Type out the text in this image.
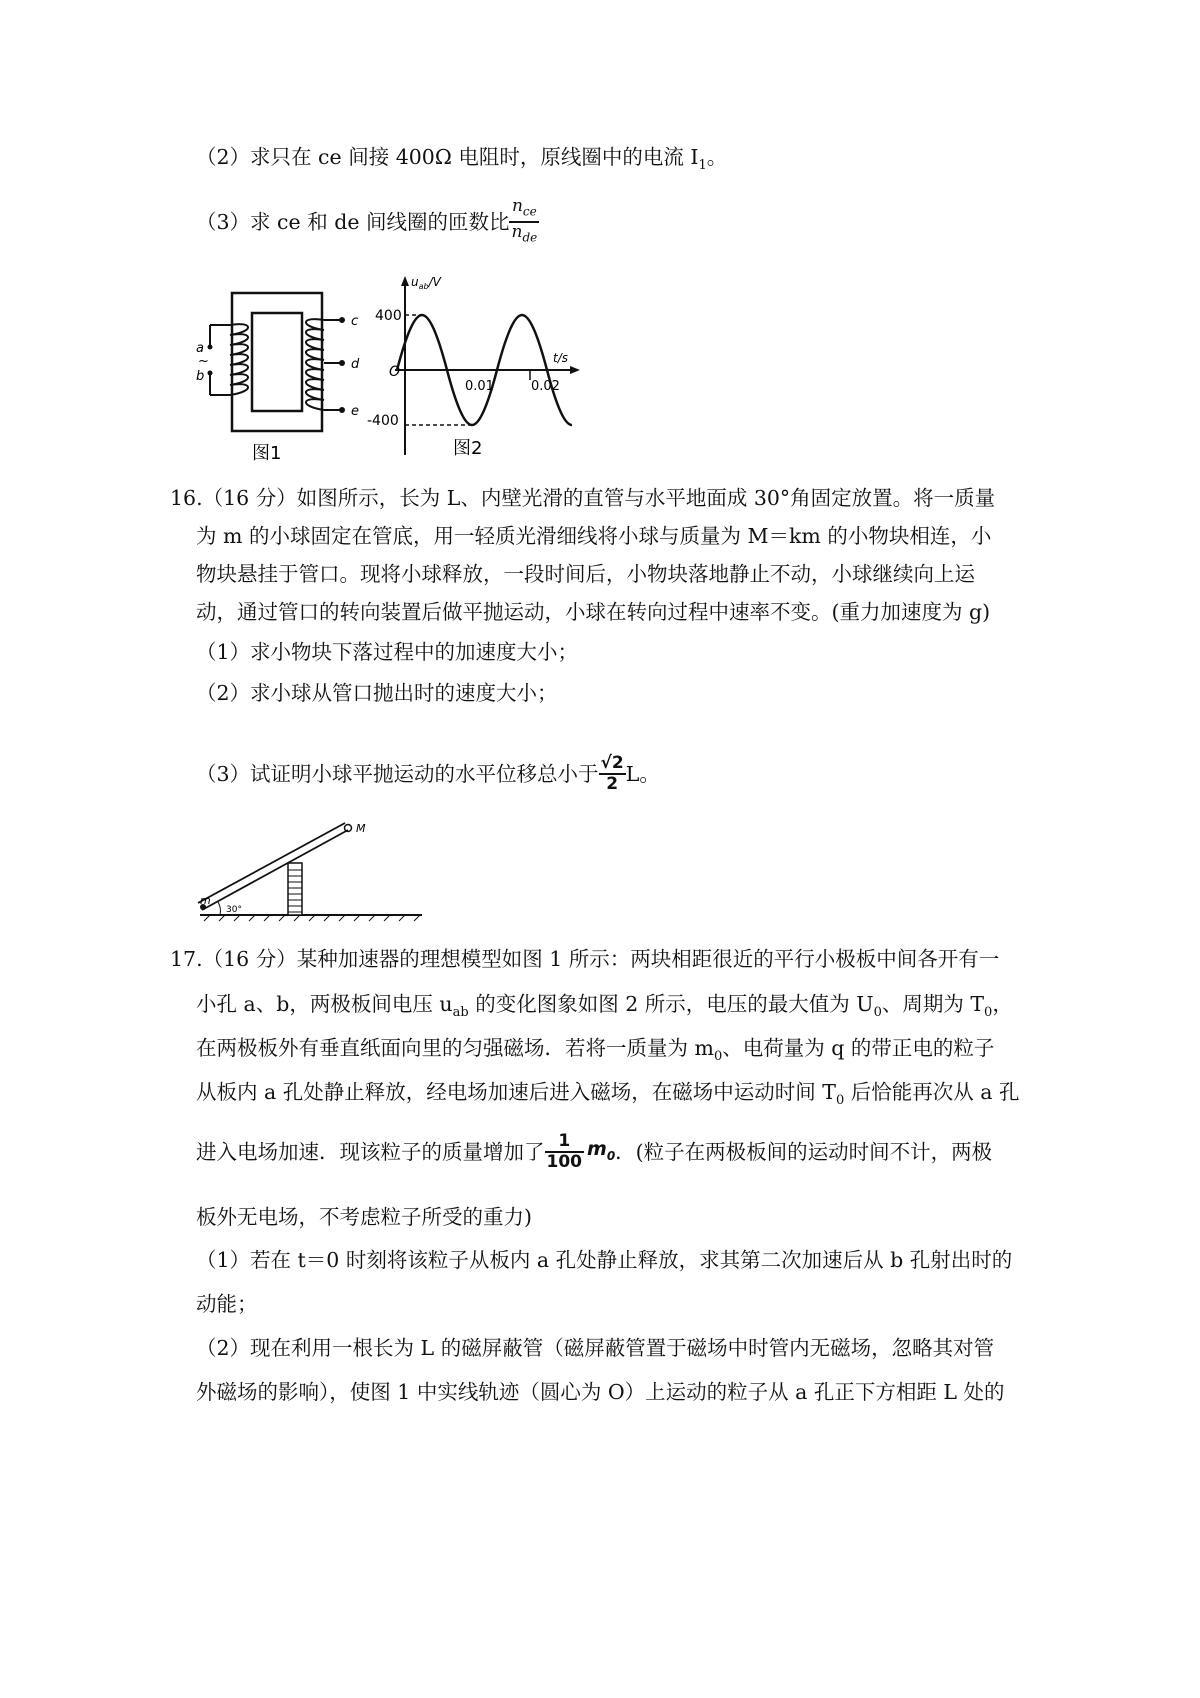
（2）求只在 ce 间接 400Ω 电阻时，原线圈中的电流 $I_1$。
（3）求 ce 和 de 间线圈的匝数比 $\frac{n_{ce}}{n_{de}}$
a
~
b
c
d
e
图1
$u_{ab}/V$
t/s
O
400
-400
0.01	0.02
图2
16.（16 分）如图所示，长为 L、内壁光滑的直管与水平地面成 30°角固定放置。将一质量
为 m 的小球固定在管底，用一轻质光滑细线将小球与质量为 M＝km 的小物块相连，小
物块悬挂于管口。现将小球释放，一段时间后，小物块落地静止不动，小球继续向上运
动，通过管口的转向装置后做平抛运动，小球在转向过程中速率不变。(重力加速度为 g)
（1）求小物块下落过程中的加速度大小；
（2）求小球从管口抛出时的速度大小；
（3）试证明小球平抛运动的水平位移总小于 $\frac{√2}{2}$ L。
m
M
30°
17.（16 分）某种加速器的理想模型如图 1 所示：两块相距很近的平行小极板中间各开有一
小孔 a、b，两极板间电压 $u_{ab}$ 的变化图象如图 2 所示，电压的最大值为 $U_0$、周期为 $T_0$，
在两极板外有垂直纸面向里的匀强磁场．若将一质量为 $m_0$、电荷量为 q 的带正电的粒子
从板内 a 孔处静止释放，经电场加速后进入磁场，在磁场中运动时间 $T_0$ 后恰能再次从 a 孔
进入电场加速．现该粒子的质量增加了 $\frac{1}{100} m_0$ ．(粒子在两极板间的运动时间不计，两极
板外无电场，不考虑粒子所受的重力)
（1）若在 t＝0 时刻将该粒子从板内 a 孔处静止释放，求其第二次加速后从 b 孔射出时的
动能；
（2）现在利用一根长为 L 的磁屏蔽管（磁屏蔽管置于磁场中时管内无磁场，忽略其对管
外磁场的影响），使图 1 中实线轨迹（圆心为 O）上运动的粒子从 a 孔正下方相距 L 处的
